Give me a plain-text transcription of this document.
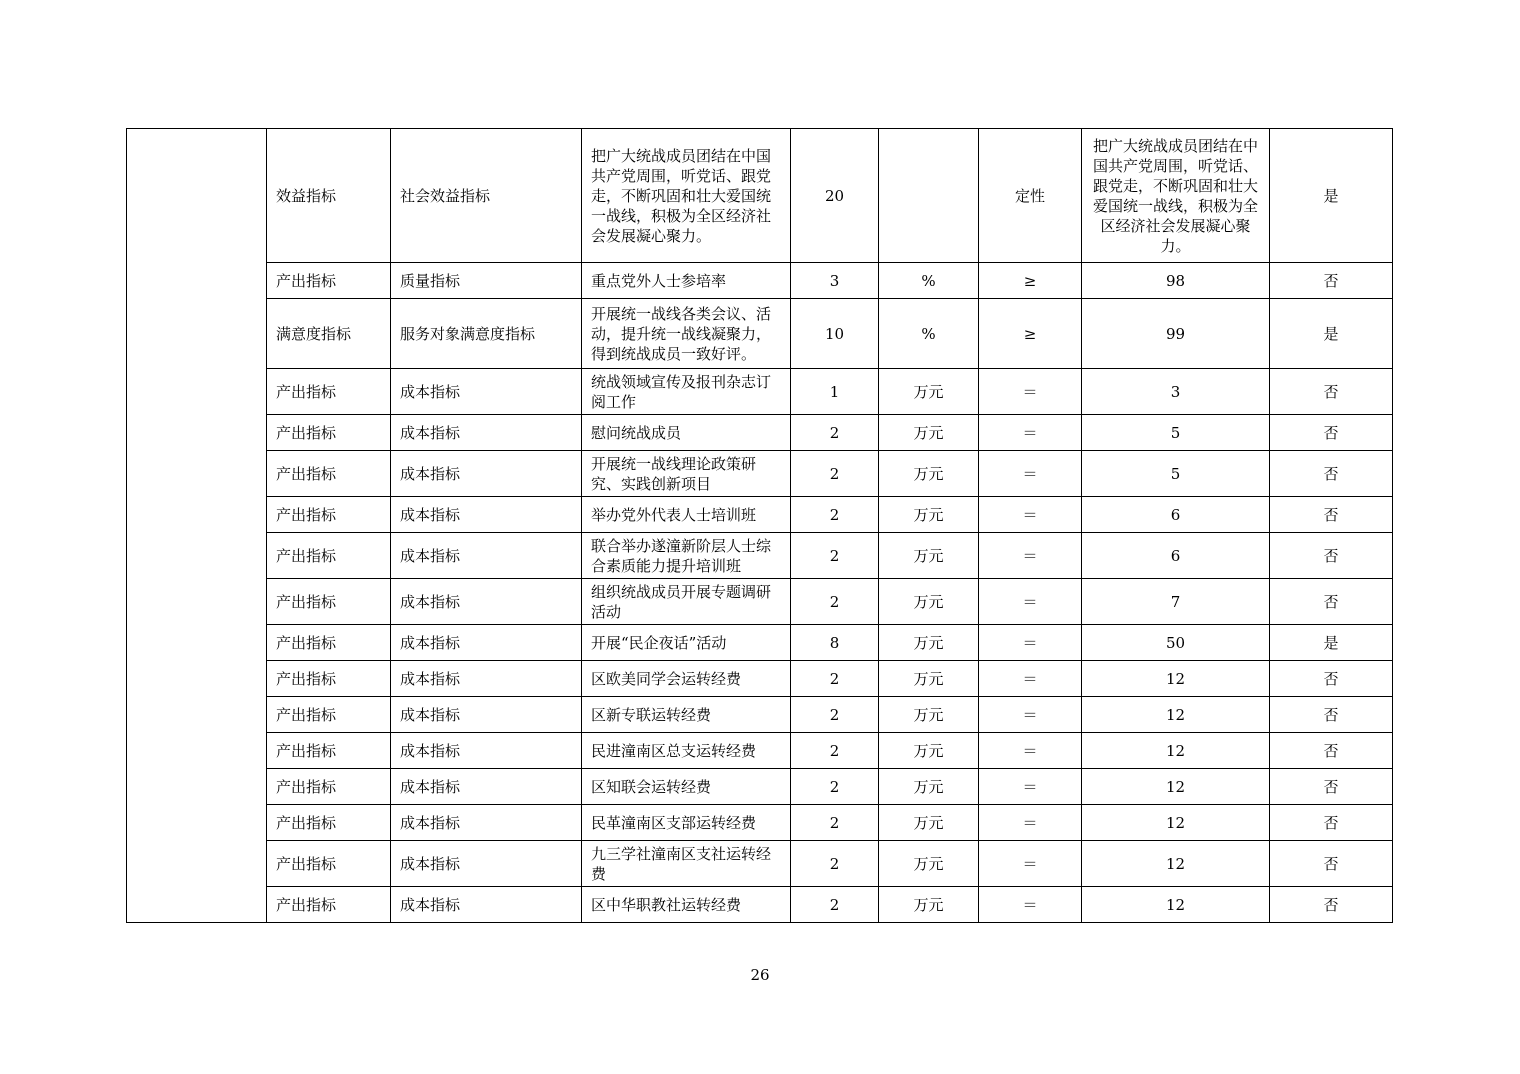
	效益指标	社会效益指标	把广大统战成员团结在中国共产党周围，听党话、跟党走，不断巩固和壮大爱国统一战线，积极为全区经济社会发展凝心聚力。	20		定性	把广大统战成员团结在中国共产党周围，听党话、跟党走，不断巩固和壮大爱国统一战线，积极为全区经济社会发展凝心聚力。	是
	产出指标	质量指标	重点党外人士参培率	3	%	≥	98	否
	满意度指标	服务对象满意度指标	开展统一战线各类会议、活动，提升统一战线凝聚力，得到统战成员一致好评。	10	%	≥	99	是
	产出指标	成本指标	统战领域宣传及报刊杂志订阅工作	1	万元	＝	3	否
	产出指标	成本指标	慰问统战成员	2	万元	＝	5	否
	产出指标	成本指标	开展统一战线理论政策研究、实践创新项目	2	万元	＝	5	否
	产出指标	成本指标	举办党外代表人士培训班	2	万元	＝	6	否
	产出指标	成本指标	联合举办遂潼新阶层人士综合素质能力提升培训班	2	万元	＝	6	否
	产出指标	成本指标	组织统战成员开展专题调研活动	2	万元	＝	7	否
	产出指标	成本指标	开展“民企夜话”活动	8	万元	＝	50	是
	产出指标	成本指标	区欧美同学会运转经费	2	万元	＝	12	否
	产出指标	成本指标	区新专联运转经费	2	万元	＝	12	否
	产出指标	成本指标	民进潼南区总支运转经费	2	万元	＝	12	否
	产出指标	成本指标	区知联会运转经费	2	万元	＝	12	否
	产出指标	成本指标	民革潼南区支部运转经费	2	万元	＝	12	否
	产出指标	成本指标	九三学社潼南区支社运转经费	2	万元	＝	12	否
	产出指标	成本指标	区中华职教社运转经费	2	万元	＝	12	否
26
